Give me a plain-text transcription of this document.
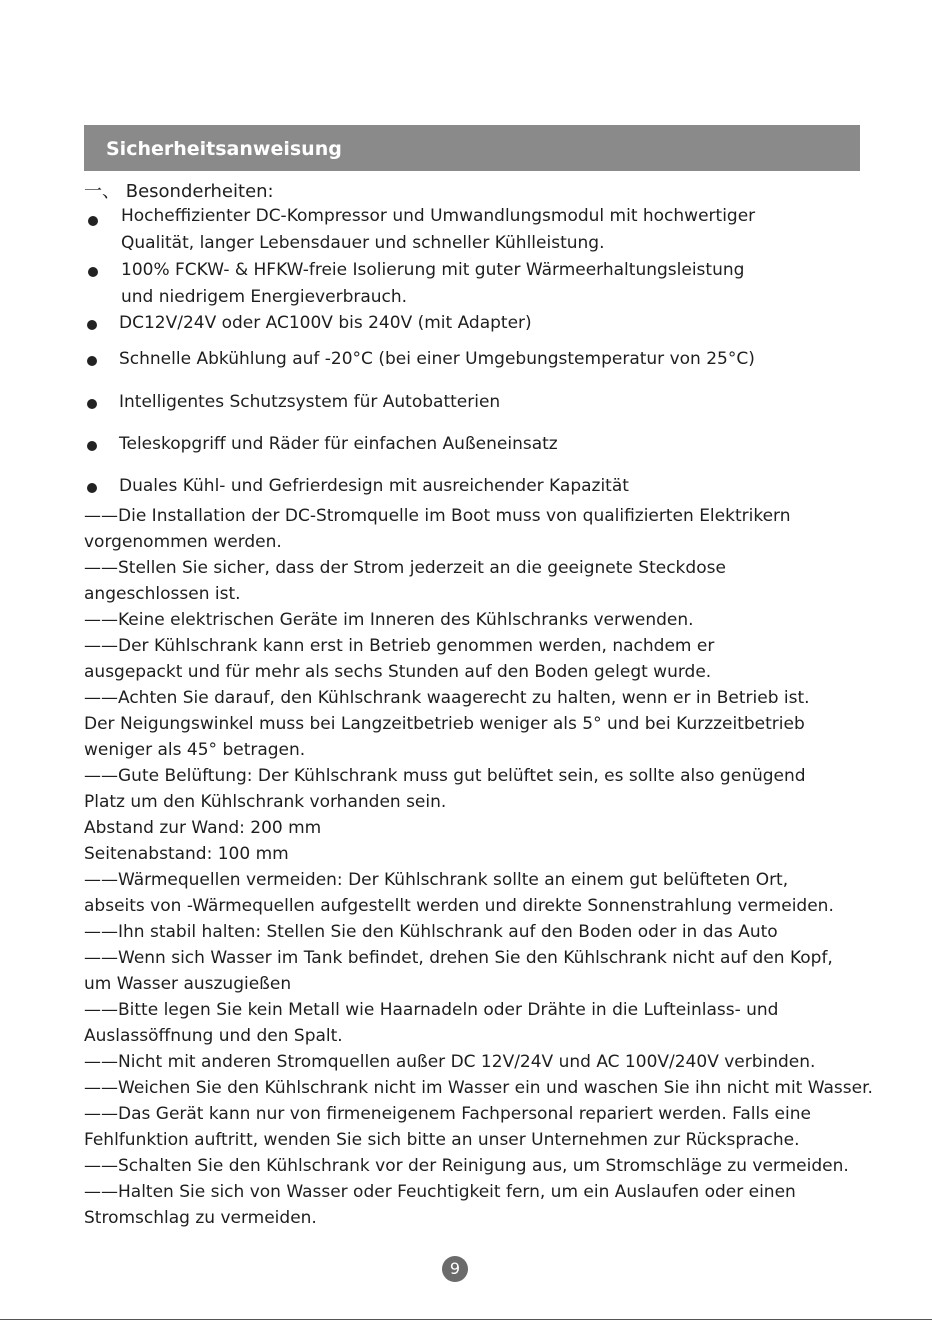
Sicherheitsanweisung
一、 Besonderheiten:
Hocheffizienter DC-Kompressor und Umwandlungsmodul mit hochwertiger
Qualität, langer Lebensdauer und schneller Kühlleistung.
100% FCKW- & HFKW-freie Isolierung mit guter Wärmeerhaltungsleistung
und niedrigem Energieverbrauch.
DC12V/24V oder AC100V bis 240V (mit Adapter)
Schnelle Abkühlung auf -20°C (bei einer Umgebungstemperatur von 25°C)
Intelligentes Schutzsystem für Autobatterien
Teleskopgriff und Räder für einfachen Außeneinsatz
Duales Kühl- und Gefrierdesign mit ausreichender Kapazität
——Die Installation der DC-Stromquelle im Boot muss von qualifizierten Elektrikern
vorgenommen werden.
——Stellen Sie sicher, dass der Strom jederzeit an die geeignete Steckdose
angeschlossen ist.
——Keine elektrischen Geräte im Inneren des Kühlschranks verwenden.
——Der Kühlschrank kann erst in Betrieb genommen werden, nachdem er
ausgepackt und für mehr als sechs Stunden auf den Boden gelegt wurde.
——Achten Sie darauf, den Kühlschrank waagerecht zu halten, wenn er in Betrieb ist.
Der Neigungswinkel muss bei Langzeitbetrieb weniger als 5° und bei Kurzzeitbetrieb
weniger als 45° betragen.
——Gute Belüftung: Der Kühlschrank muss gut belüftet sein, es sollte also genügend
Platz um den Kühlschrank vorhanden sein.
Abstand zur Wand: 200 mm
Seitenabstand: 100 mm
——Wärmequellen vermeiden: Der Kühlschrank sollte an einem gut belüfteten Ort,
abseits von -Wärmequellen aufgestellt werden und direkte Sonnenstrahlung vermeiden.
——Ihn stabil halten: Stellen Sie den Kühlschrank auf den Boden oder in das Auto
——Wenn sich Wasser im Tank befindet, drehen Sie den Kühlschrank nicht auf den Kopf,
um Wasser auszugießen
——Bitte legen Sie kein Metall wie Haarnadeln oder Drähte in die Lufteinlass- und
Auslassöffnung und den Spalt.
——Nicht mit anderen Stromquellen außer DC 12V/24V und AC 100V/240V verbinden.
——Weichen Sie den Kühlschrank nicht im Wasser ein und waschen Sie ihn nicht mit Wasser.
——Das Gerät kann nur von firmeneigenem Fachpersonal repariert werden. Falls eine
Fehlfunktion auftritt, wenden Sie sich bitte an unser Unternehmen zur Rücksprache.
——Schalten Sie den Kühlschrank vor der Reinigung aus, um Stromschläge zu vermeiden.
——Halten Sie sich von Wasser oder Feuchtigkeit fern, um ein Auslaufen oder einen
Stromschlag zu vermeiden.
9
